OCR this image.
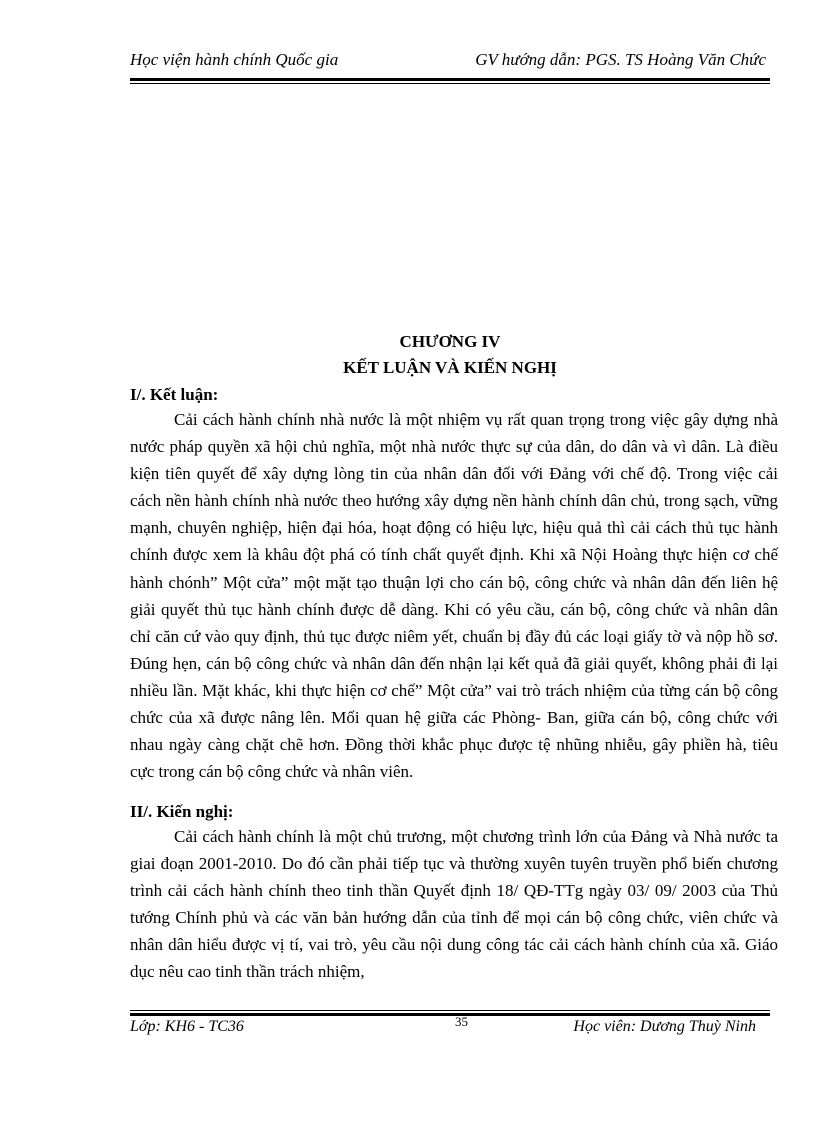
Học viện hành chính Quốc gia	GV hướng dẫn: PGS. TS Hoàng Văn Chức
CHƯƠNG IV
KẾT LUẬN VÀ KIẾN NGHỊ
I/. Kết luận:

Cải cách hành chính nhà nước là một nhiệm vụ rất quan trọng trong việc gây dựng nhà nước pháp quyền xã hội chủ nghĩa, một nhà nước thực sự của dân, do dân và vì dân. Là điều kiện tiên quyết để xây dựng lòng tin của nhân dân đối với Đảng với chế độ. Trong việc cải cách nền hành chính nhà nước theo hướng xây dựng nền hành chính dân chủ, trong sạch, vững mạnh, chuyên nghiệp, hiện đại hóa, hoạt động có hiệu lực, hiệu quả thì cải cách thủ tục hành chính được xem là khâu đột phá có tính chất quyết định. Khi xã Nội Hoàng thực hiện cơ chế hành chónh” Một cửa” một mặt tạo thuận lợi cho cán bộ, công chức và nhân dân đến liên hệ giải quyết thủ tục hành chính được dễ dàng. Khi có yêu cầu, cán bộ, công chức và nhân dân chỉ căn cứ vào quy định, thủ tục được niêm yết, chuẩn bị đầy đủ các loại giấy tờ và nộp hồ sơ. Đúng hẹn, cán bộ công chức và nhân dân đến nhận lại kết quả đã giải quyết, không phải đi lại nhiều lần. Mặt khác, khi thực hiện cơ chế” Một cửa” vai trò trách nhiệm của từng cán bộ công chức của xã được nâng lên. Mối quan hệ giữa các Phòng- Ban, giữa cán bộ, công chức với nhau ngày càng chặt chẽ hơn. Đồng thời khắc phục được tệ nhũng nhiễu, gây phiền hà, tiêu cực trong cán bộ công chức và nhân viên.

II/. Kiến nghị:

Cải cách hành chính là một chủ trương, một chương trình lớn của Đảng và Nhà nước ta giai đoạn 2001-2010. Do đó cần phải tiếp tục và thường xuyên tuyên truyền phổ biến chương trình cải cách hành chính theo tinh thần Quyết định 18/ QĐ-TTg ngày 03/ 09/ 2003 của Thủ tướng Chính phủ và các văn bản hướng dẫn của tỉnh để mọi cán bộ công chức, viên chức và nhân dân hiểu được vị tí, vai trò, yêu cầu nội dung công tác cải cách hành chính của xã. Giáo dục nêu cao tinh thần trách nhiệm,

Lớp: KH6 - TC36	35	Học viên: Dương Thuỳ Ninh
